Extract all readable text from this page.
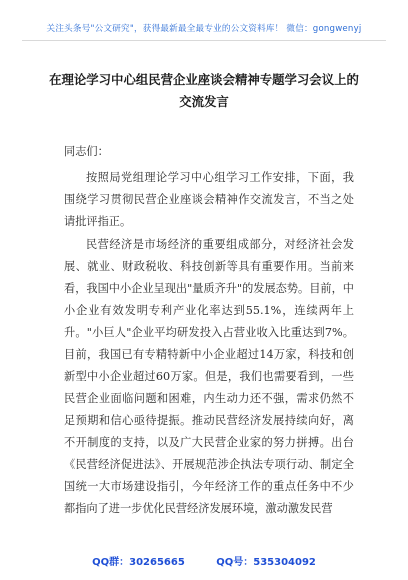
关注头条号"公文研究"，获得最新最全最专业的公文资料库！ 微信：gongwenyj
在理论学习中心组民营企业座谈会精神专题学习会议上的
交流发言
同志们：
按照局党组理论学习中心组学习工作安排，下面，我围绕学习贯彻民营企业座谈会精神作交流发言，不当之处请批评指正。
民营经济是市场经济的重要组成部分，对经济社会发展、就业、财政税收、科技创新等具有重要作用。当前来看，我国中小企业呈现出"量质齐升"的发展态势。目前，中小企业有效发明专利产业化率达到55.1%，连续两年上升。"小巨人"企业平均研发投入占营业收入比重达到7%。目前，我国已有专精特新中小企业超过14万家，科技和创新型中小企业超过60万家。但是，我们也需要看到，一些民营企业面临问题和困难，内生动力还不强，需求仍然不足预期和信心亟待提振。推动民营经济发展持续向好，离不开制度的支持，以及广大民营企业家的努力拼搏。出台《民营经济促进法》、开展规范涉企执法专项行动、制定全国统一大市场建设指引，今年经济工作的重点任务中不少都指向了进一步优化民营经济发展环境，激动激发民营
QQ群：30265665	QQ号：535304092
